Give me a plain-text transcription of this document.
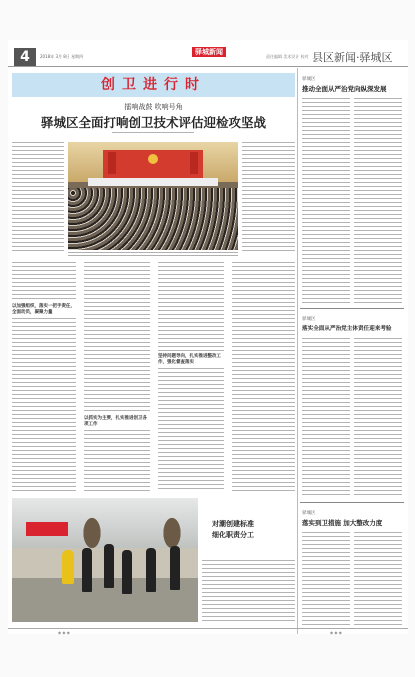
4	2018年 3月 8日 星期四
驿城新闻
责任编辑 美术设计 校对 县区新闻·驿城区
创卫进行时
擂响战鼓 吹响号角
驿城区全面打响创卫技术评估迎检攻坚战
以加强组织，落实一把手责任，全面动员，凝聚力量
以抓实为主要，扎实推进创卫各项工作
坚持问题导向，扎实推进整改工作，强化督查落实
对潮创建标准
细化职责分工
驿城区
推动全面从严治党向纵深发展
驿城区
落实全面从严治党主体责任迎来考验
驿城区
落实到卫措施 加大整改力度
◆ ◆ ◆	◆ ◆ ◆
